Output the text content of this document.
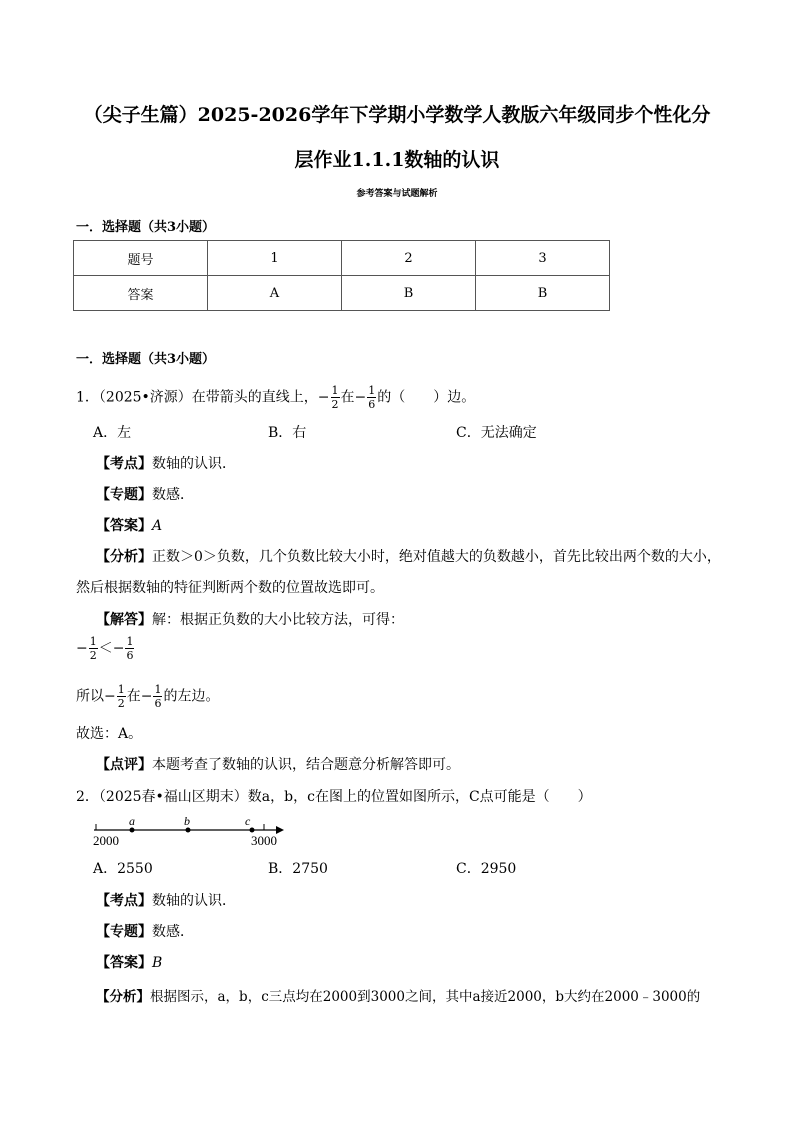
（尖子生篇）2025-2026学年下学期小学数学人教版六年级同步个性化分
层作业1.1.1数轴的认识
参考答案与试题解析
一．选择题（共3小题）
题号	1	2	3
答案	A	B	B
一．选择题（共3小题）
1．（2025•济源）在带箭头的直线上，− $\frac{1}{2}$ 在− $\frac{1}{6}$ 的（　　）边。
A．左	B．右	C．无法确定
【考点】数轴的认识．
【专题】数感．
【答案】A
【分析】正数＞0＞负数，几个负数比较大小时，绝对值越大的负数越小，首先比较出两个数的大小，
然后根据数轴的特征判断两个数的位置故选即可。
【解答】解：根据正负数的大小比较方法，可得：
− $\frac{1}{2} <- \frac{1}{6}$
所以− $\frac{1}{2}$ 在− $\frac{1}{6}$ 的左边。
故选：A。
【点评】本题考查了数轴的认识，结合题意分析解答即可。
2．（2025春•福山区期末）数a，b，c在图上的位置如图所示，C点可能是（　　）
a	b	c
2000	3000
A．2550	B．2750	C．2950
【考点】数轴的认识．
【专题】数感．
【答案】B
【分析】根据图示，a，b，c三点均在2000到3000之间，其中a接近2000，b大约在2000﹣3000的
